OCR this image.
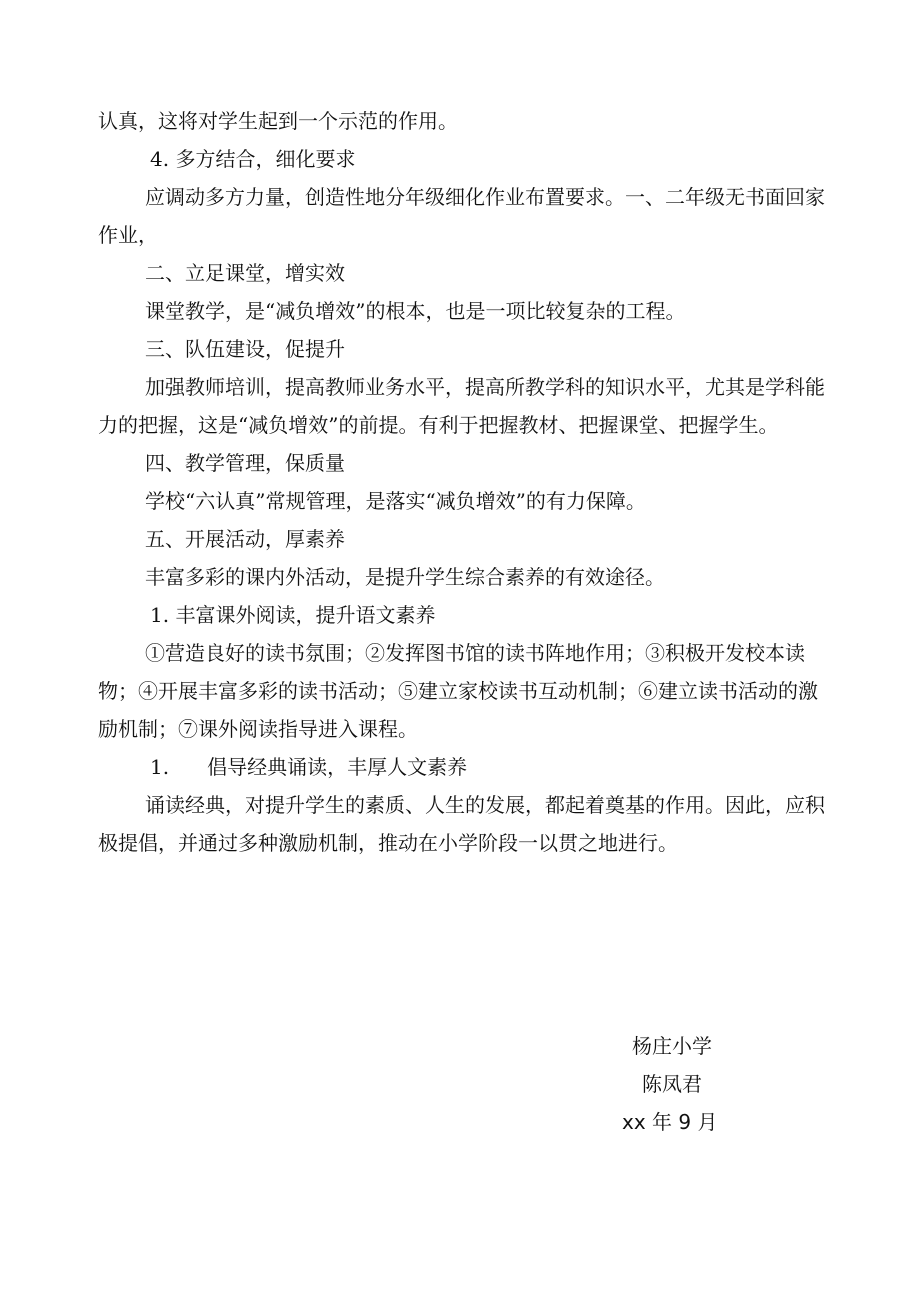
认真，这将对学生起到一个示范的作用。

4. 多方结合，细化要求

应调动多方力量，创造性地分年级细化作业布置要求。一、二年级无书面回家作业，

二、立足课堂，增实效

课堂教学，是“减负增效”的根本，也是一项比较复杂的工程。

三、队伍建设，促提升

加强教师培训，提高教师业务水平，提高所教学科的知识水平，尤其是学科能力的把握，这是“减负增效”的前提。有利于把握教材、把握课堂、把握学生。

四、教学管理，保质量

学校“六认真”常规管理，是落实“减负增效”的有力保障。

五、开展活动，厚素养

丰富多彩的课内外活动，是提升学生综合素养的有效途径。

1. 丰富课外阅读，提升语文素养

①营造良好的读书氛围；②发挥图书馆的读书阵地作用；③积极开发校本读物；④开展丰富多彩的读书活动；⑤建立家校读书互动机制；⑥建立读书活动的激励机制；⑦课外阅读指导进入课程。

1. 倡导经典诵读，丰厚人文素养

诵读经典，对提升学生的素质、人生的发展，都起着奠基的作用。因此，应积极提倡，并通过多种激励机制，推动在小学阶段一以贯之地进行。

杨庄小学
陈凤君
xx 年 9 月
